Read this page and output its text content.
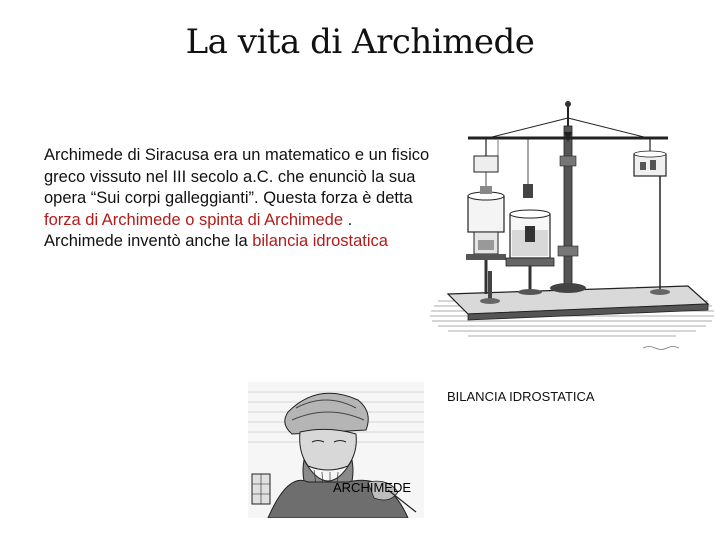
La vita di Archimede
Archimede di Siracusa era un matematico e un fisico greco vissuto nel III secolo a.C. che enunciò la sua opera “Sui corpi galleggianti”. Questa forza è detta forza di Archimede o spinta di Archimede . Archimede inventò anche la bilancia idrostatica
BILANCIA IDROSTATICA
ARCHIMEDE
